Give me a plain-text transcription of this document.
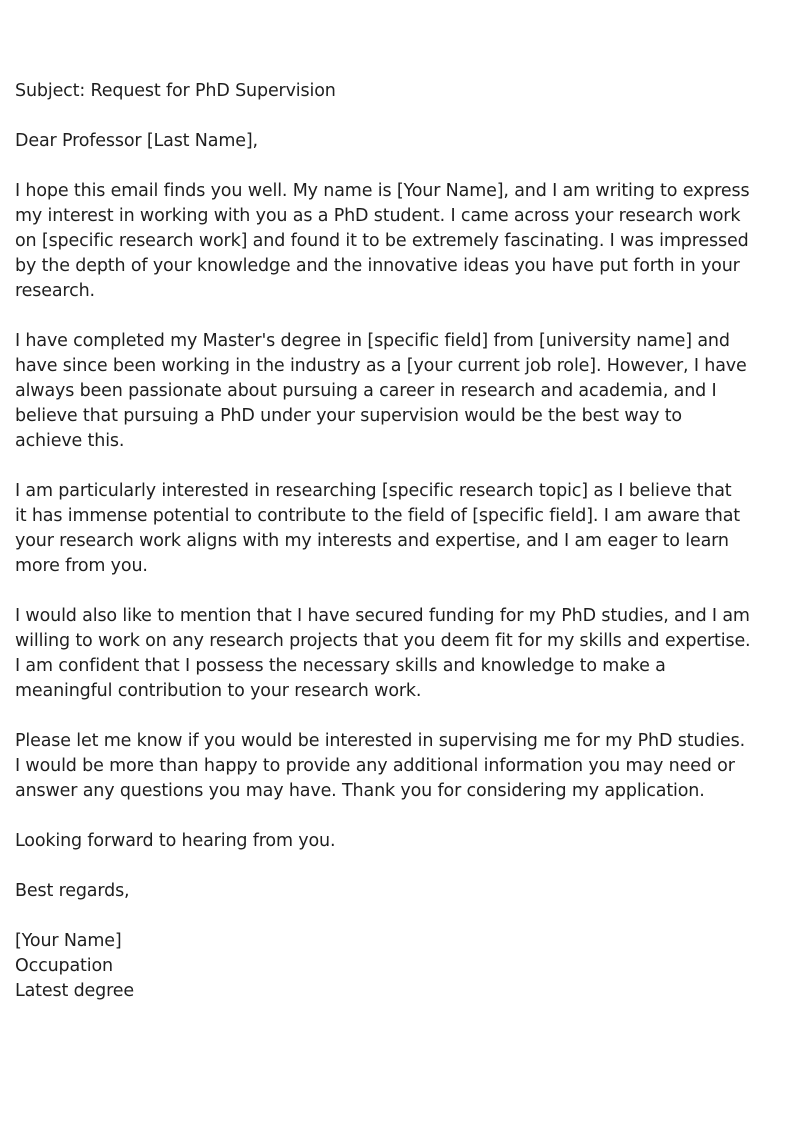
Subject: Request for PhD Supervision
Dear Professor [Last Name],
I hope this email finds you well. My name is [Your Name], and I am writing to express
my interest in working with you as a PhD student. I came across your research work
on [specific research work] and found it to be extremely fascinating. I was impressed
by the depth of your knowledge and the innovative ideas you have put forth in your
research.
I have completed my Master's degree in [specific field] from [university name] and
have since been working in the industry as a [your current job role]. However, I have
always been passionate about pursuing a career in research and academia, and I
believe that pursuing a PhD under your supervision would be the best way to
achieve this.
I am particularly interested in researching [specific research topic] as I believe that
it has immense potential to contribute to the field of [specific field]. I am aware that
your research work aligns with my interests and expertise, and I am eager to learn
more from you.
I would also like to mention that I have secured funding for my PhD studies, and I am
willing to work on any research projects that you deem fit for my skills and expertise.
I am confident that I possess the necessary skills and knowledge to make a
meaningful contribution to your research work.
Please let me know if you would be interested in supervising me for my PhD studies.
I would be more than happy to provide any additional information you may need or
answer any questions you may have. Thank you for considering my application.
Looking forward to hearing from you.
Best regards,
[Your Name]
Occupation
Latest degree
